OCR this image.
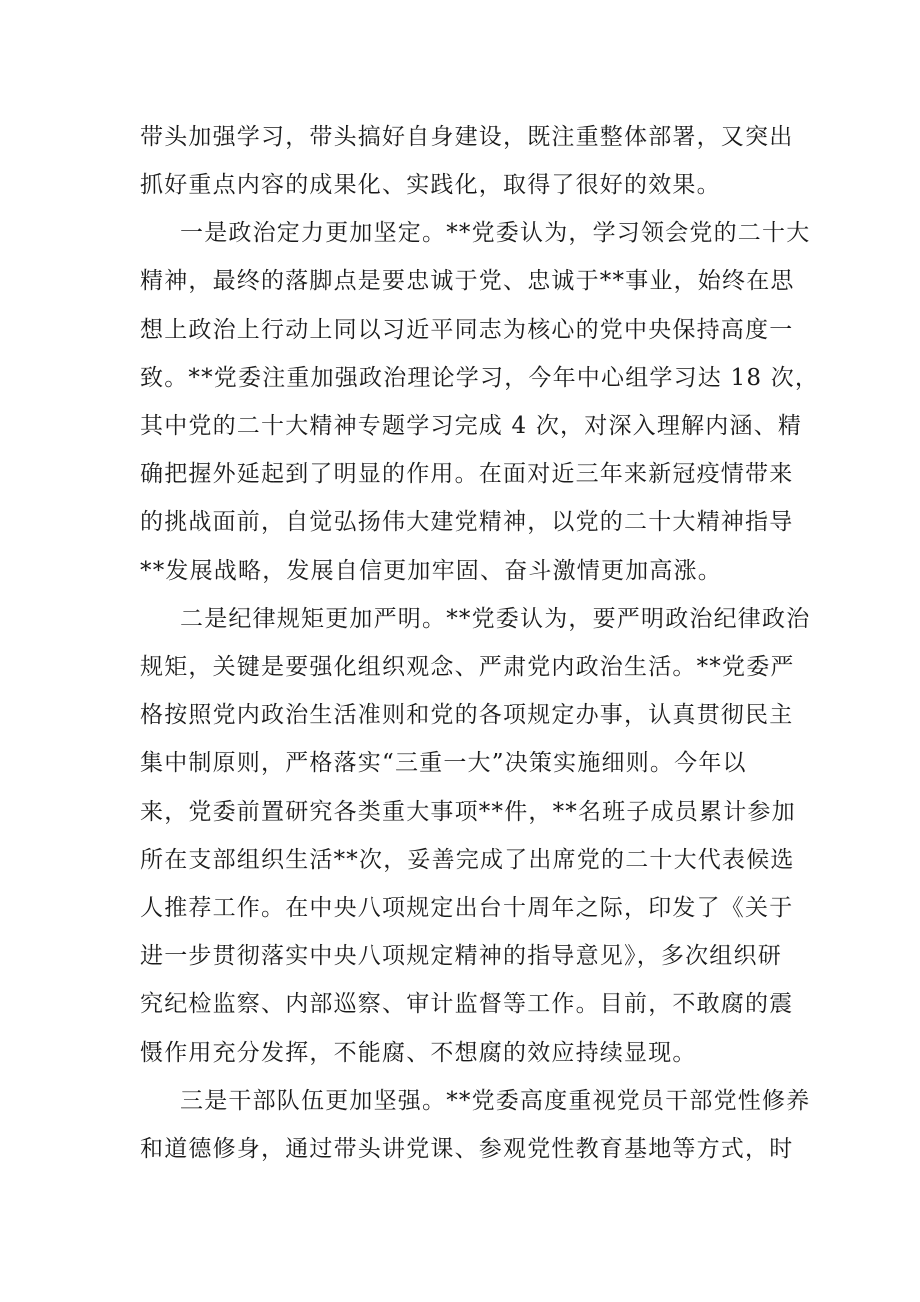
带头加强学习，带头搞好自身建设，既注重整体部署，又突出

抓好重点内容的成果化、实践化，取得了很好的效果。

一是政治定力更加坚定。**党委认为，学习领会党的二十大

精神，最终的落脚点是要忠诚于党、忠诚于**事业，始终在思

想上政治上行动上同以习近平同志为核心的党中央保持高度一

致。**党委注重加强政治理论学习，今年中心组学习达 18 次，

其中党的二十大精神专题学习完成 4 次，对深入理解内涵、精

确把握外延起到了明显的作用。在面对近三年来新冠疫情带来

的挑战面前，自觉弘扬伟大建党精神，以党的二十大精神指导

**发展战略，发展自信更加牢固、奋斗激情更加高涨。

二是纪律规矩更加严明。**党委认为，要严明政治纪律政治

规矩，关键是要强化组织观念、严肃党内政治生活。**党委严

格按照党内政治生活准则和党的各项规定办事，认真贯彻民主

集中制原则，严格落实“三重一大”决策实施细则。今年以

来，党委前置研究各类重大事项**件，**名班子成员累计参加

所在支部组织生活**次，妥善完成了出席党的二十大代表候选

人推荐工作。在中央八项规定出台十周年之际，印发了《关于

进一步贯彻落实中央八项规定精神的指导意见》，多次组织研

究纪检监察、内部巡察、审计监督等工作。目前，不敢腐的震

慑作用充分发挥，不能腐、不想腐的效应持续显现。

三是干部队伍更加坚强。**党委高度重视党员干部党性修养

和道德修身，通过带头讲党课、参观党性教育基地等方式，时
